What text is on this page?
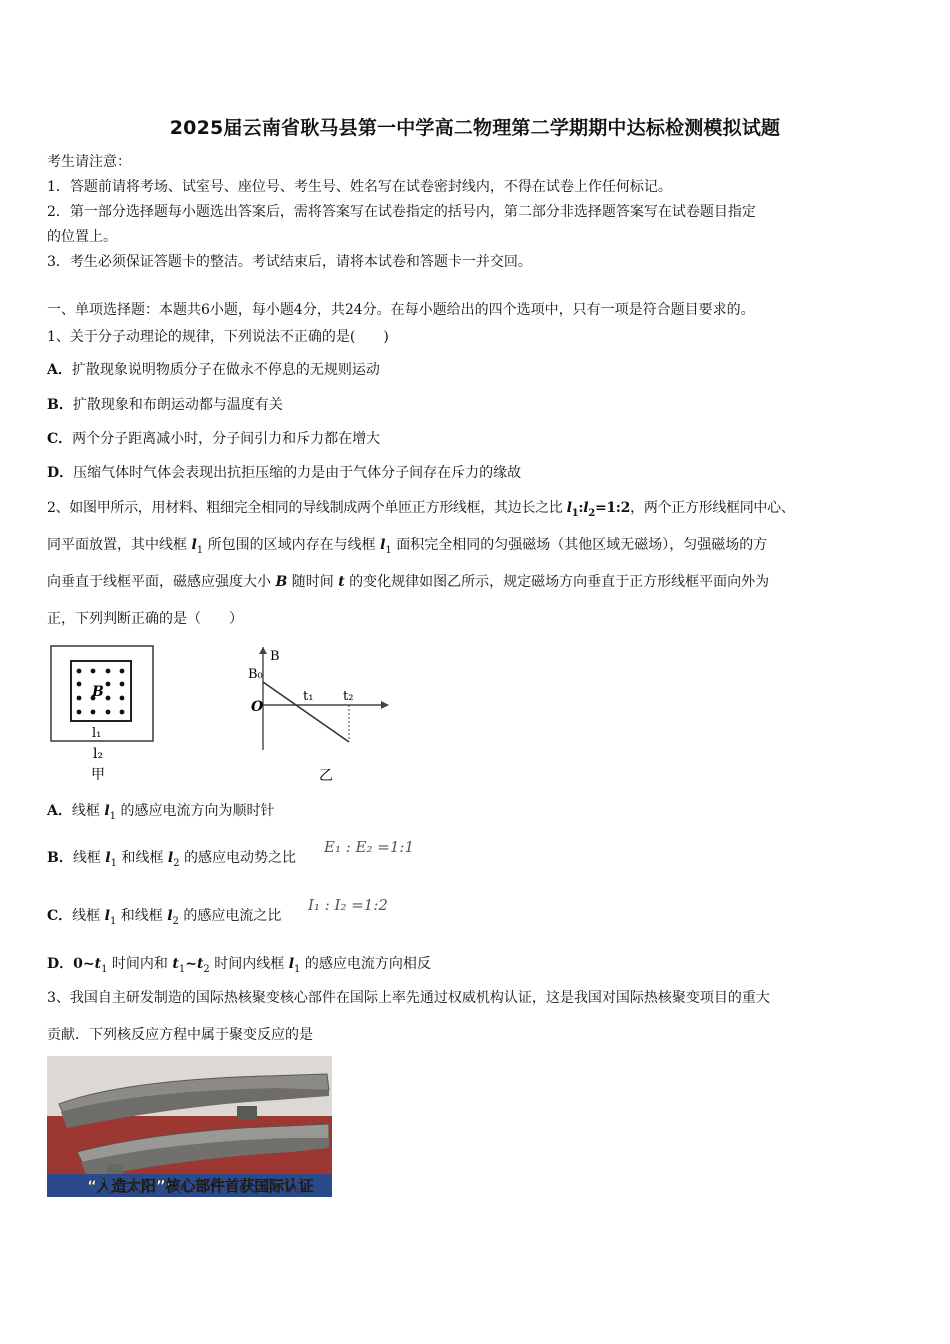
2025届云南省耿马县第一中学高二物理第二学期期中达标检测模拟试题
考生请注意：
1．答题前请将考场、试室号、座位号、考生号、姓名写在试卷密封线内，不得在试卷上作任何标记。
2．第一部分选择题每小题选出答案后，需将答案写在试卷指定的括号内，第二部分非选择题答案写在试卷题目指定
的位置上。
3．考生必须保证答题卡的整洁。考试结束后，请将本试卷和答题卡一并交回。
一、单项选择题：本题共6小题，每小题4分，共24分。在每小题给出的四个选项中，只有一项是符合题目要求的。
1、关于分子动理论的规律，下列说法不正确的是(　　)
A．扩散现象说明物质分子在做永不停息的无规则运动
B．扩散现象和布朗运动都与温度有关
C．两个分子距离减小时，分子间引力和斥力都在增大
D．压缩气体时气体会表现出抗拒压缩的力是由于气体分子间存在斥力的缘故
2、如图甲所示，用材料、粗细完全相同的导线制成两个单匝正方形线框，其边长之比 $l_1:l_2=1:2$，两个正方形线框同中心、
同平面放置，其中线框 $l_1$ 所包围的区域内存在与线框 $l_1$ 面积完全相同的匀强磁场（其他区域无磁场），匀强磁场的方
向垂直于线框平面，磁感应强度大小 B 随时间 t 的变化规律如图乙所示，规定磁场方向垂直于正方形线框平面向外为
正，下列判断正确的是（　　）
B
l₁
l₂
甲
B
B₀
O
t₁ t₂
乙
A．线框 $l_1$ 的感应电流方向为顺时针
B．线框 $l_1$ 和线框 $l_2$ 的感应电动势之比
E₁ : E₂ =1:1
C．线框 $l_1$ 和线框 $l_2$ 的感应电流之比
I₁ : I₂ =1:2
D．$0\sim t_1$ 时间内和 $t_1\sim t_2$ 时间内线框 $l_1$ 的感应电流方向相反
3、我国自主研发制造的国际热核聚变核心部件在国际上率先通过权威机构认证，这是我国对国际热核聚变项目的重大
贡献．下列核反应方程中属于聚变反应的是
“人造太阳”核心部件首获国际认证
